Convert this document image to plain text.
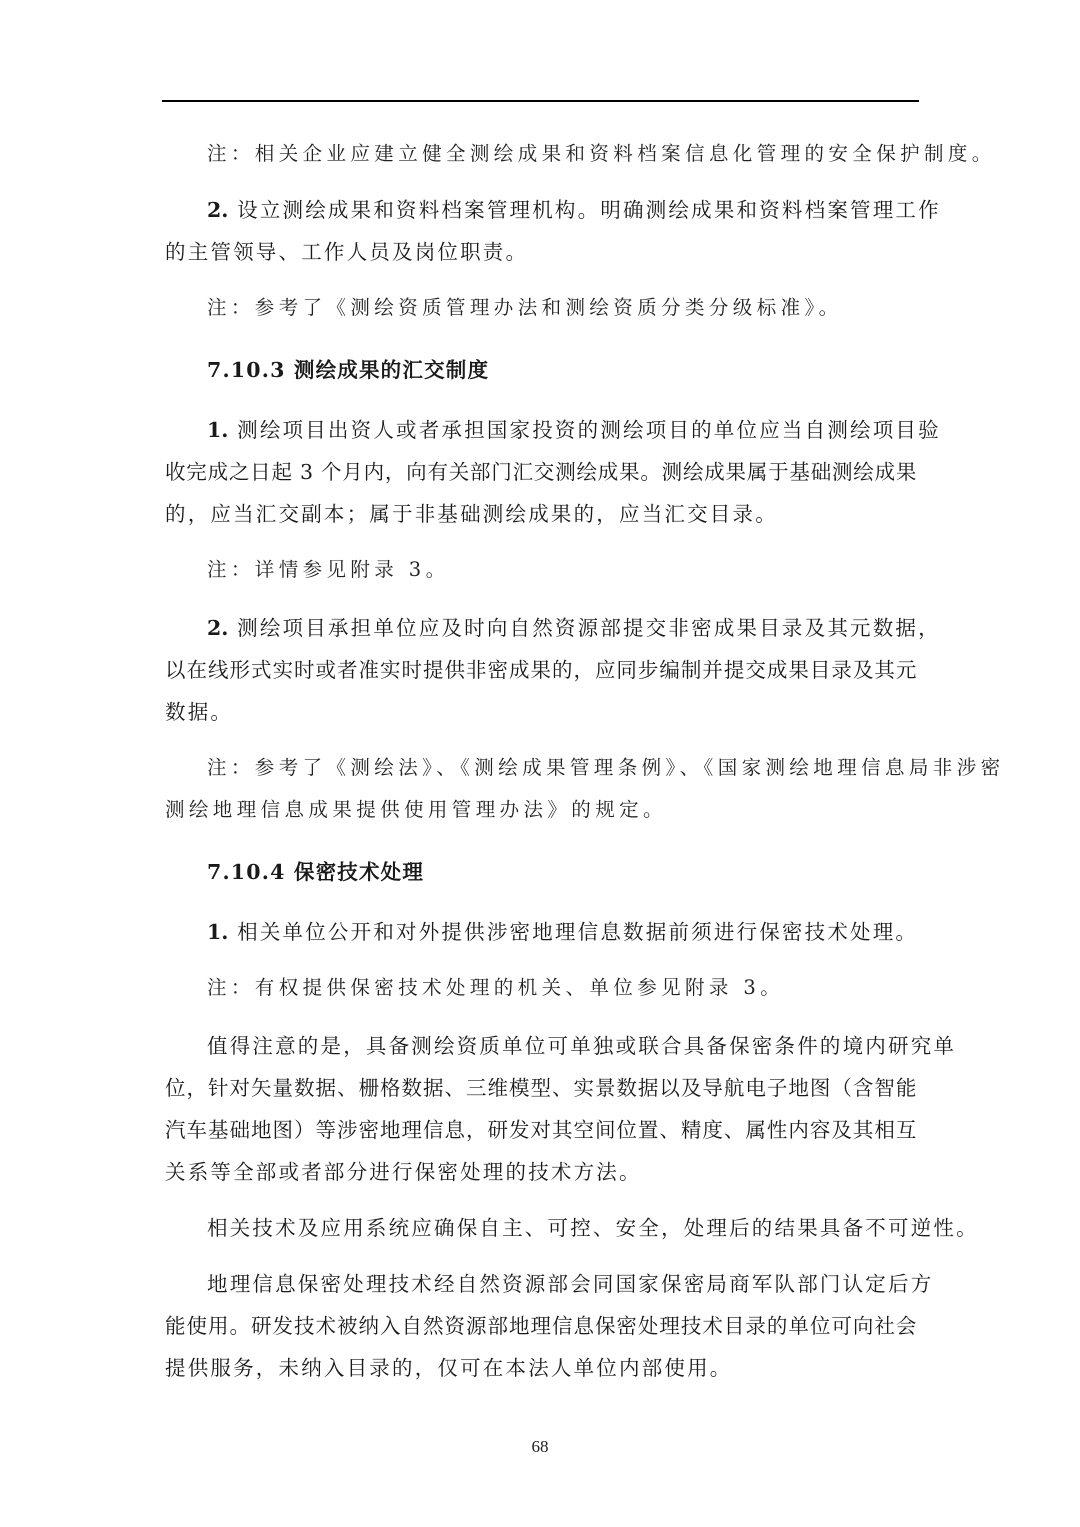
注：相关企业应建立健全测绘成果和资料档案信息化管理的安全保护制度。
2. 设立测绘成果和资料档案管理机构。明确测绘成果和资料档案管理工作
的主管领导、工作人员及岗位职责。
注：参考了《测绘资质管理办法和测绘资质分类分级标准》。
7.10.3 测绘成果的汇交制度
1. 测绘项目出资人或者承担国家投资的测绘项目的单位应当自测绘项目验
收完成之日起 3 个月内，向有关部门汇交测绘成果。测绘成果属于基础测绘成果
的，应当汇交副本；属于非基础测绘成果的，应当汇交目录。
注：详情参见附录 3。
2. 测绘项目承担单位应及时向自然资源部提交非密成果目录及其元数据，
以在线形式实时或者准实时提供非密成果的，应同步编制并提交成果目录及其元
数据。
注：参考了《测绘法》、《测绘成果管理条例》、《国家测绘地理信息局非涉密
测绘地理信息成果提供使用管理办法》的规定。
7.10.4 保密技术处理
1. 相关单位公开和对外提供涉密地理信息数据前须进行保密技术处理。
注：有权提供保密技术处理的机关、单位参见附录 3。
值得注意的是，具备测绘资质单位可单独或联合具备保密条件的境内研究单
位，针对矢量数据、栅格数据、三维模型、实景数据以及导航电子地图（含智能
汽车基础地图）等涉密地理信息，研发对其空间位置、精度、属性内容及其相互
关系等全部或者部分进行保密处理的技术方法。
相关技术及应用系统应确保自主、可控、安全，处理后的结果具备不可逆性。
地理信息保密处理技术经自然资源部会同国家保密局商军队部门认定后方
能使用。研发技术被纳入自然资源部地理信息保密处理技术目录的单位可向社会
提供服务，未纳入目录的，仅可在本法人单位内部使用。
68
